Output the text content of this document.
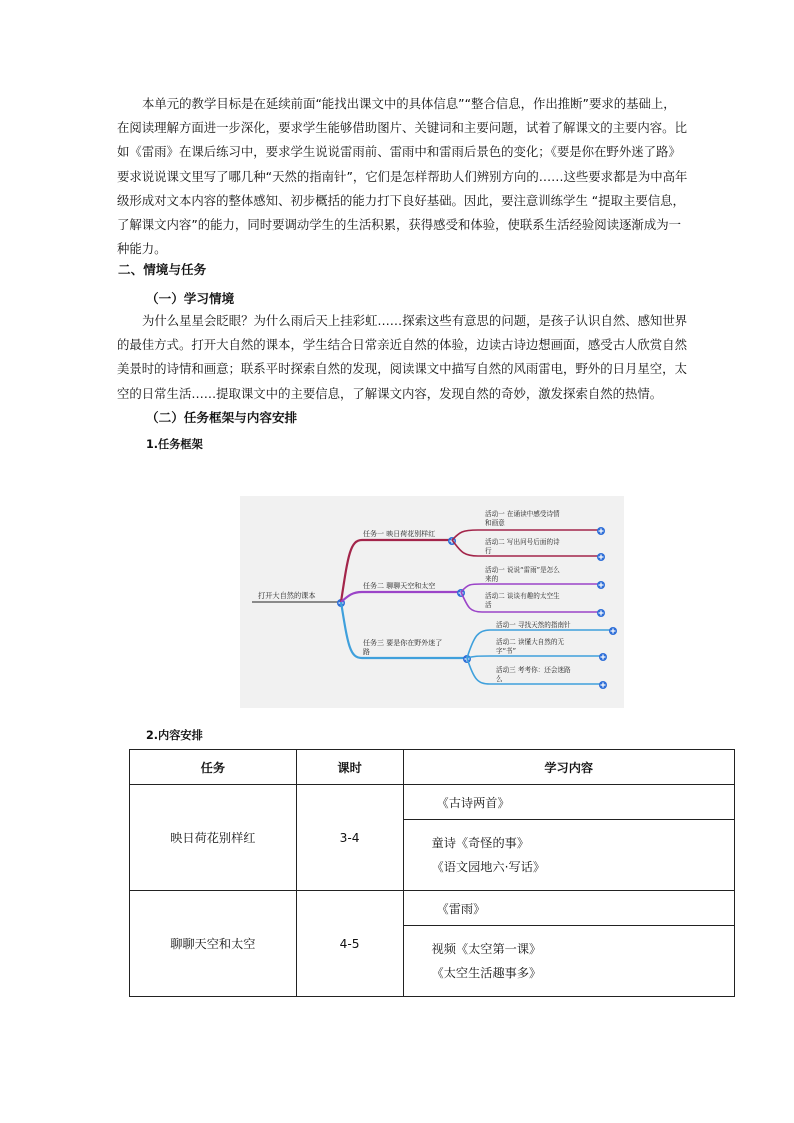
本单元的教学目标是在延续前面“能找出课文中的具体信息”“整合信息，作出推断”要求的基础上，
在阅读理解方面进一步深化，要求学生能够借助图片、关键词和主要问题，试着了解课文的主要内容。比
如《雷雨》在课后练习中，要求学生说说雷雨前、雷雨中和雷雨后景色的变化；《要是你在野外迷了路》
要求说说课文里写了哪几种“天然的指南针”，它们是怎样帮助人们辨别方向的……这些要求都是为中高年
级形成对文本内容的整体感知、初步概括的能力打下良好基础。因此，要注意训练学生 “提取主要信息，
了解课文内容”的能力，同时要调动学生的生活积累，获得感受和体验，使联系生活经验阅读逐渐成为一
种能力。
二、情境与任务
（一）学习情境
为什么星星会眨眼？为什么雨后天上挂彩虹……探索这些有意思的问题，是孩子认识自然、感知世界
的最佳方式。打开大自然的课本，学生结合日常亲近自然的体验，边读古诗边想画面，感受古人欣赏自然
美景时的诗情和画意；联系平时探索自然的发现，阅读课文中描写自然的风雨雷电，野外的日月星空，太
空的日常生活……提取课文中的主要信息，了解课文内容，发现自然的奇妙，激发探索自然的热情。
（二）任务框架与内容安排
1.任务框架
打开大自然的课本
任务一 映日荷花别样红
活动一 在诵读中感受诗情
和画意
活动二 写出问号后面的诗
行
任务二 聊聊天空和太空
活动一 说说“雷雨”是怎么
来的
活动二 谈谈有趣的太空生
活
任务三 要是你在野外迷了
路
活动一 寻找天然的指南针
活动二 读懂大自然的无
字“书”
活动三 考考你：还会迷路
么
2.内容安排
任务	课时	学习内容
映日荷花别样红	3-4	《古诗两首》
童诗《奇怪的事》
《语文园地六·写话》

聊聊天空和太空	4-5	《雷雨》
视频《太空第一课》
《太空生活趣事多》
